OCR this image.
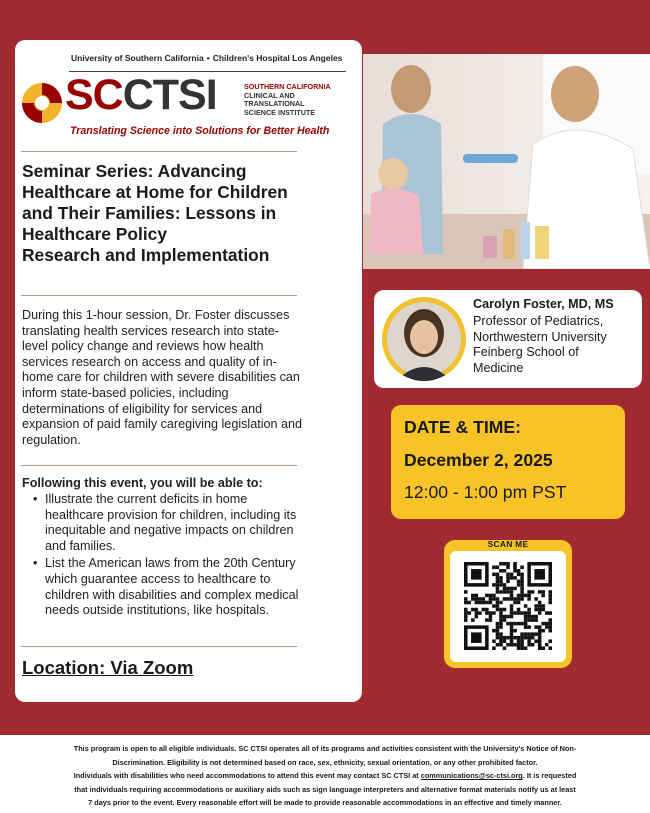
University of Southern California • Children's Hospital Los Angeles
SCCTSI	SOUTHERN CALIFORNIA
CLINICAL AND
TRANSLATIONAL
SCIENCE INSTITUTE
Translating Science into Solutions for Better Health
Seminar Series: Advancing
Healthcare at Home for Children
and Their Families: Lessons in
Healthcare Policy
Research and Implementation
During this 1-hour session, Dr. Foster discusses
translating health services research into state-
level policy change and reviews how health
services research on access and quality of in-
home care for children with severe disabilities can
inform state-based policies, including
determinations of eligibility for services and
expansion of paid family caregiving legislation and
regulation.
Following this event, you will be able to:
• Illustrate the current deficits in home
healthcare provision for children, including its
inequitable and negative impacts on children
and families.
• List the American laws from the 20th Century
which guarantee access to healthcare to
children with disabilities and complex medical
needs outside institutions, like hospitals.
Location: Via Zoom
Carolyn Foster, MD, MS
Professor of Pediatrics,
Northwestern University
Feinberg School of
Medicine
DATE & TIME:
December 2, 2025
12:00 - 1:00 pm PST
SCAN ME
This program is open to all eligible individuals. SC CTSI operates all of its programs and activities consistent with the University's Notice of Non-
Discrimination. Eligibility is not determined based on race, sex, ethnicity, sexual orientation, or any other prohibited factor.
Individuals with disabilities who need accommodations to attend this event may contact SC CTSI at communications@sc-ctsi.org. It is requested
that individuals requiring accommodations or auxiliary aids such as sign language interpreters and alternative format materials notify us at least
7 days prior to the event. Every reasonable effort will be made to provide reasonable accommodations in an effective and timely manner.
